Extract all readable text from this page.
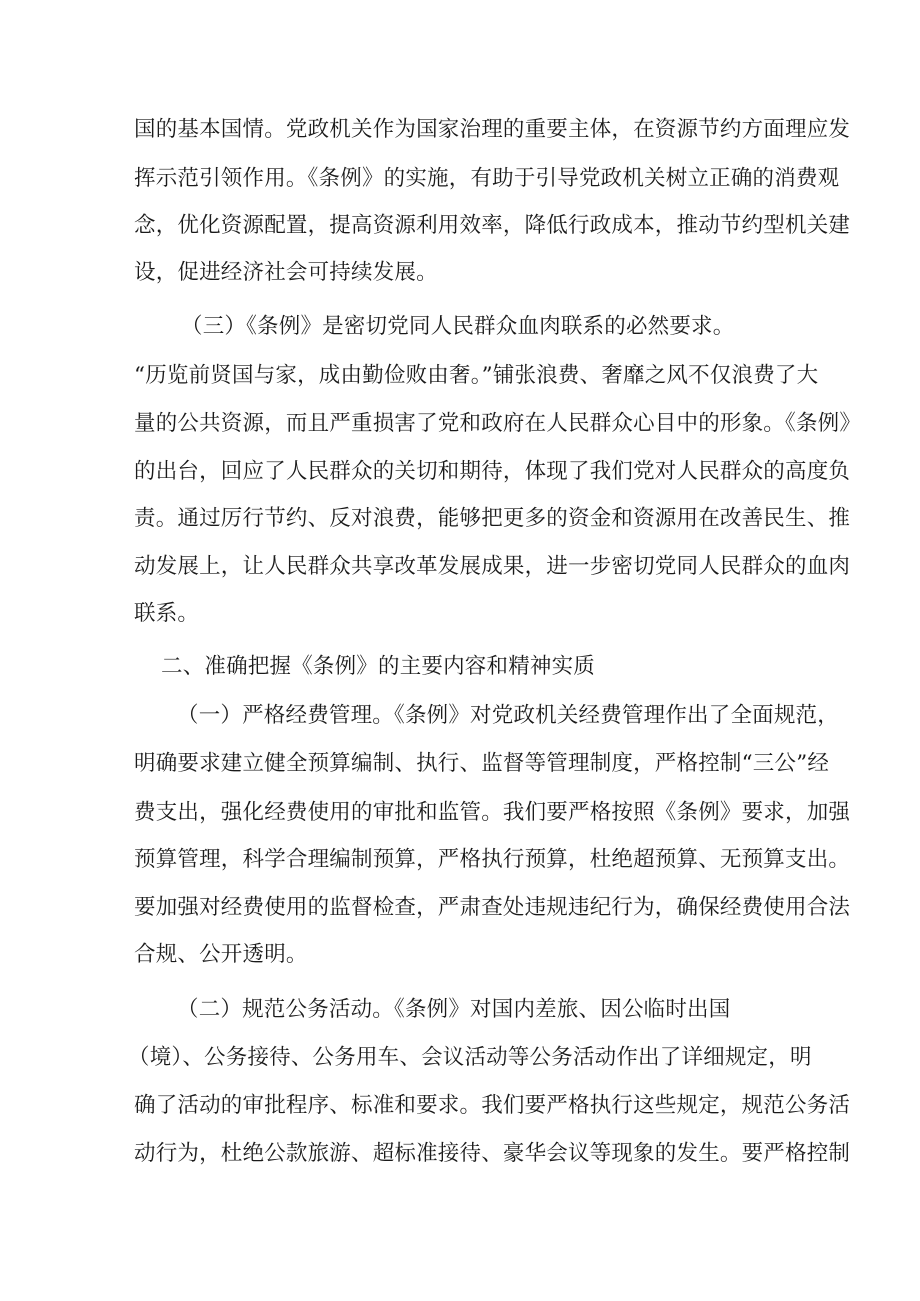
国的基本国情。党政机关作为国家治理的重要主体，在资源节约方面理应发
挥示范引领作用。《条例》的实施，有助于引导党政机关树立正确的消费观
念，优化资源配置，提高资源利用效率，降低行政成本，推动节约型机关建
设，促进经济社会可持续发展。
（三）《条例》是密切党同人民群众血肉联系的必然要求。
“历览前贤国与家，成由勤俭败由奢。”铺张浪费、奢靡之风不仅浪费了大
量的公共资源，而且严重损害了党和政府在人民群众心目中的形象。《条例》
的出台，回应了人民群众的关切和期待，体现了我们党对人民群众的高度负
责。通过厉行节约、反对浪费，能够把更多的资金和资源用在改善民生、推
动发展上，让人民群众共享改革发展成果，进一步密切党同人民群众的血肉
联系。
二、准确把握《条例》的主要内容和精神实质
（一）严格经费管理。《条例》对党政机关经费管理作出了全面规范，
明确要求建立健全预算编制、执行、监督等管理制度，严格控制“三公”经
费支出，强化经费使用的审批和监管。我们要严格按照《条例》要求，加强
预算管理，科学合理编制预算，严格执行预算，杜绝超预算、无预算支出。
要加强对经费使用的监督检查，严肃查处违规违纪行为，确保经费使用合法
合规、公开透明。
（二）规范公务活动。《条例》对国内差旅、因公临时出国
（境）、公务接待、公务用车、会议活动等公务活动作出了详细规定，明
确了活动的审批程序、标准和要求。我们要严格执行这些规定，规范公务活
动行为，杜绝公款旅游、超标准接待、豪华会议等现象的发生。要严格控制
